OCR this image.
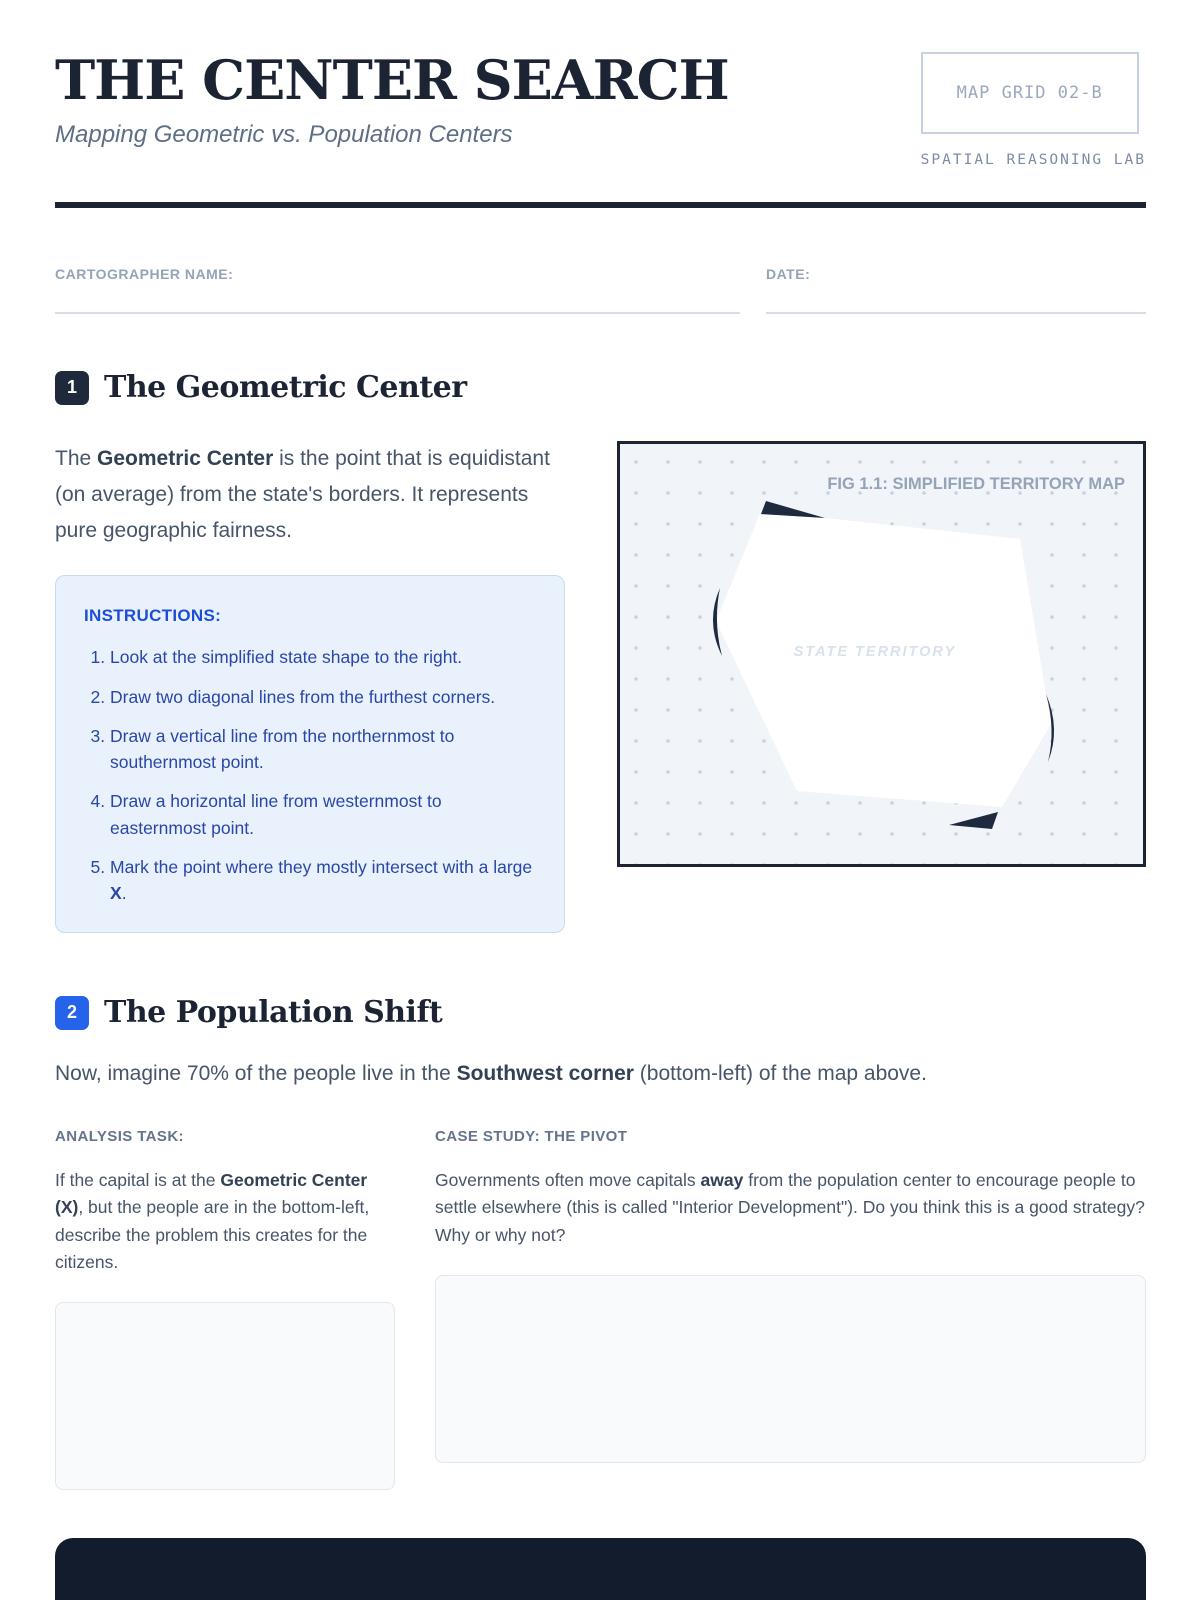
THE CENTER SEARCH
Mapping Geometric vs. Population Centers
MAP GRID 02-B
SPATIAL REASONING LAB
CARTOGRAPHER NAME:	DATE:
1 The Geometric Center

The Geometric Center is the point that is equidistant (on average) from the state's borders. It represents pure geographic fairness.

INSTRUCTIONS:
1. Look at the simplified state shape to the right.
2. Draw two diagonal lines from the furthest corners.
3. Draw a vertical line from the northernmost to southernmost point.
4. Draw a horizontal line from westernmost to easternmost point.
5. Mark the point where they mostly intersect with a large X.
FIG 1.1: SIMPLIFIED TERRITORY MAP
STATE TERRITORY
2 The Population Shift

Now, imagine 70% of the people live in the Southwest corner (bottom-left) of the map above.

ANALYSIS TASK:

If the capital is at the Geometric Center (X), but the people are in the bottom-left, describe the problem this creates for the citizens.

CASE STUDY: THE PIVOT

Governments often move capitals away from the population center to encourage people to settle elsewhere (this is called "Interior Development"). Do you think this is a good strategy? Why or why not?
